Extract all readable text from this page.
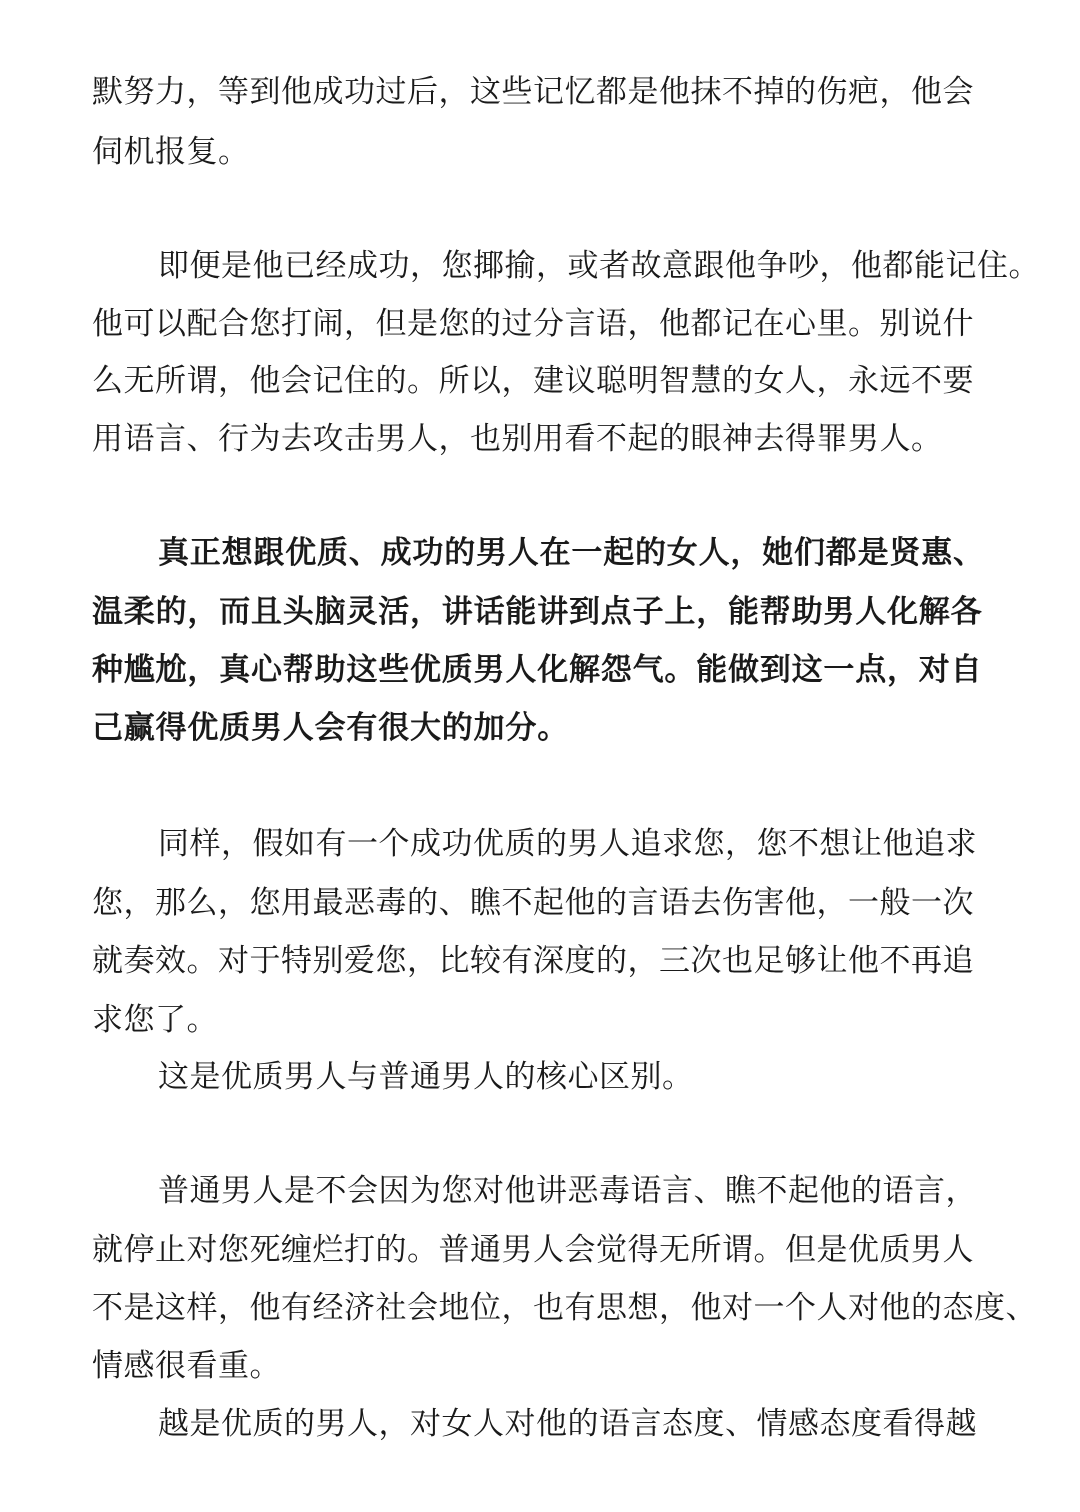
默努力，等到他成功过后，这些记忆都是他抹不掉的伤疤，他会
伺机报复。
即便是他已经成功，您揶揄，或者故意跟他争吵，他都能记住。
他可以配合您打闹，但是您的过分言语，他都记在心里。别说什
么无所谓，他会记住的。所以，建议聪明智慧的女人，永远不要
用语言、行为去攻击男人，也别用看不起的眼神去得罪男人。
真正想跟优质、成功的男人在一起的女人，她们都是贤惠、
温柔的，而且头脑灵活，讲话能讲到点子上，能帮助男人化解各
种尴尬，真心帮助这些优质男人化解怨气。能做到这一点，对自
己赢得优质男人会有很大的加分。
同样，假如有一个成功优质的男人追求您，您不想让他追求
您，那么，您用最恶毒的、瞧不起他的言语去伤害他，一般一次
就奏效。对于特别爱您，比较有深度的，三次也足够让他不再追
求您了。
这是优质男人与普通男人的核心区别。
普通男人是不会因为您对他讲恶毒语言、瞧不起他的语言，
就停止对您死缠烂打的。普通男人会觉得无所谓。但是优质男人
不是这样，他有经济社会地位，也有思想，他对一个人对他的态度、
情感很看重。
越是优质的男人，对女人对他的语言态度、情感态度看得越
